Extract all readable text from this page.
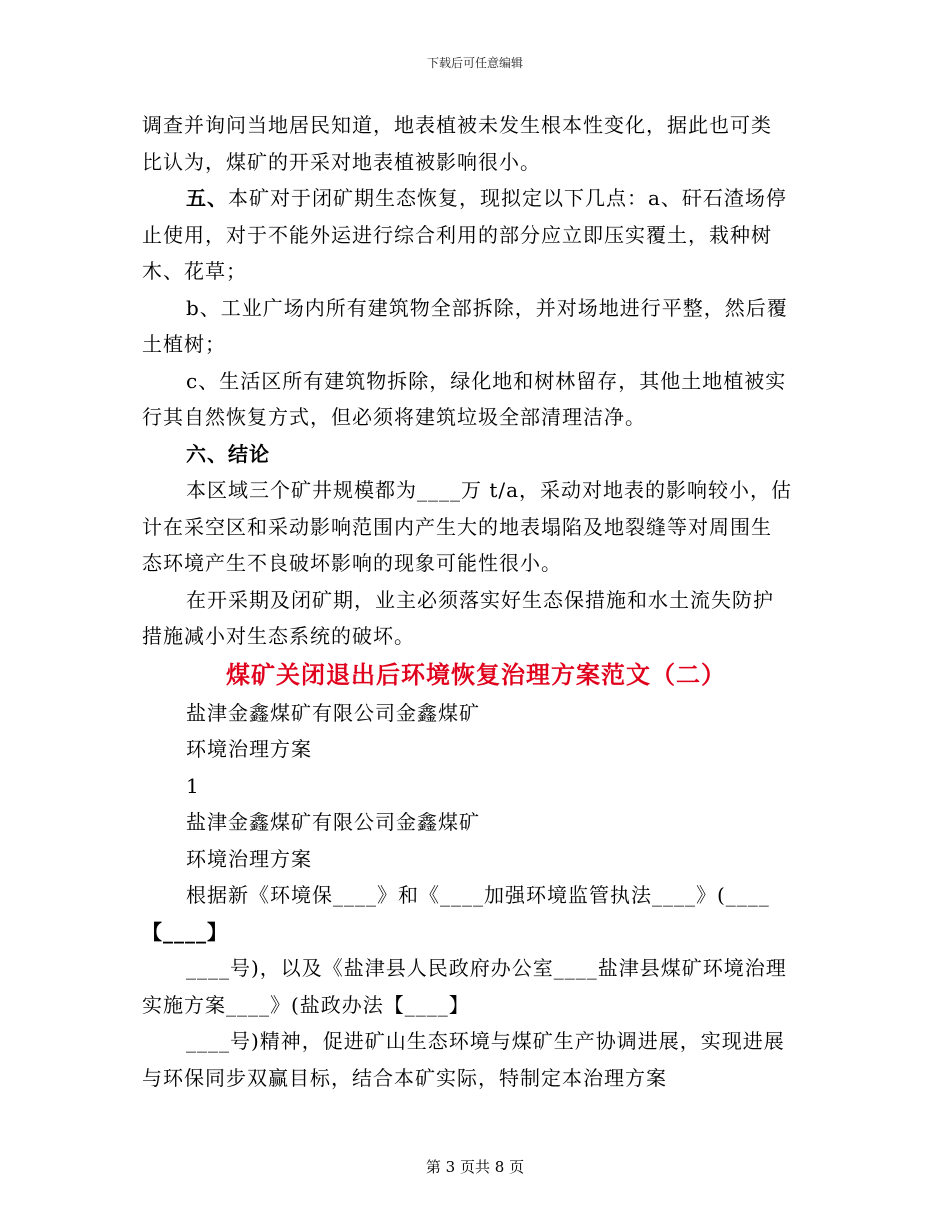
下载后可任意编辑

调查并询问当地居民知道，地表植被未发生根本性变化，据此也可类

比认为，煤矿的开采对地表植被影响很小。

五、本矿对于闭矿期生态恢复，现拟定以下几点：a、矸石渣场停

止使用，对于不能外运进行综合利用的部分应立即压实覆土，栽种树

木、花草；

b、工业广场内所有建筑物全部拆除，并对场地进行平整，然后覆

土植树；

c、生活区所有建筑物拆除，绿化地和树林留存，其他土地植被实

行其自然恢复方式，但必须将建筑垃圾全部清理洁净。

六、结论

本区域三个矿井规模都为____万 t/a，采动对地表的影响较小，估

计在采空区和采动影响范围内产生大的地表塌陷及地裂缝等对周围生

态环境产生不良破坏影响的现象可能性很小。

在开采期及闭矿期，业主必须落实好生态保措施和水土流失防护

措施减小对生态系统的破坏。

煤矿关闭退出后环境恢复治理方案范文（二）

盐津金鑫煤矿有限公司金鑫煤矿

环境治理方案

1

盐津金鑫煤矿有限公司金鑫煤矿

环境治理方案

根据新《环境保____》和《____加强环境监管执法____》(____

【____】

____号)，以及《盐津县人民政府办公室____盐津县煤矿环境治理

实施方案____》(盐政办法【____】

____号)精神，促进矿山生态环境与煤矿生产协调进展，实现进展

与环保同步双赢目标，结合本矿实际，特制定本治理方案

第 3 页共 8 页
